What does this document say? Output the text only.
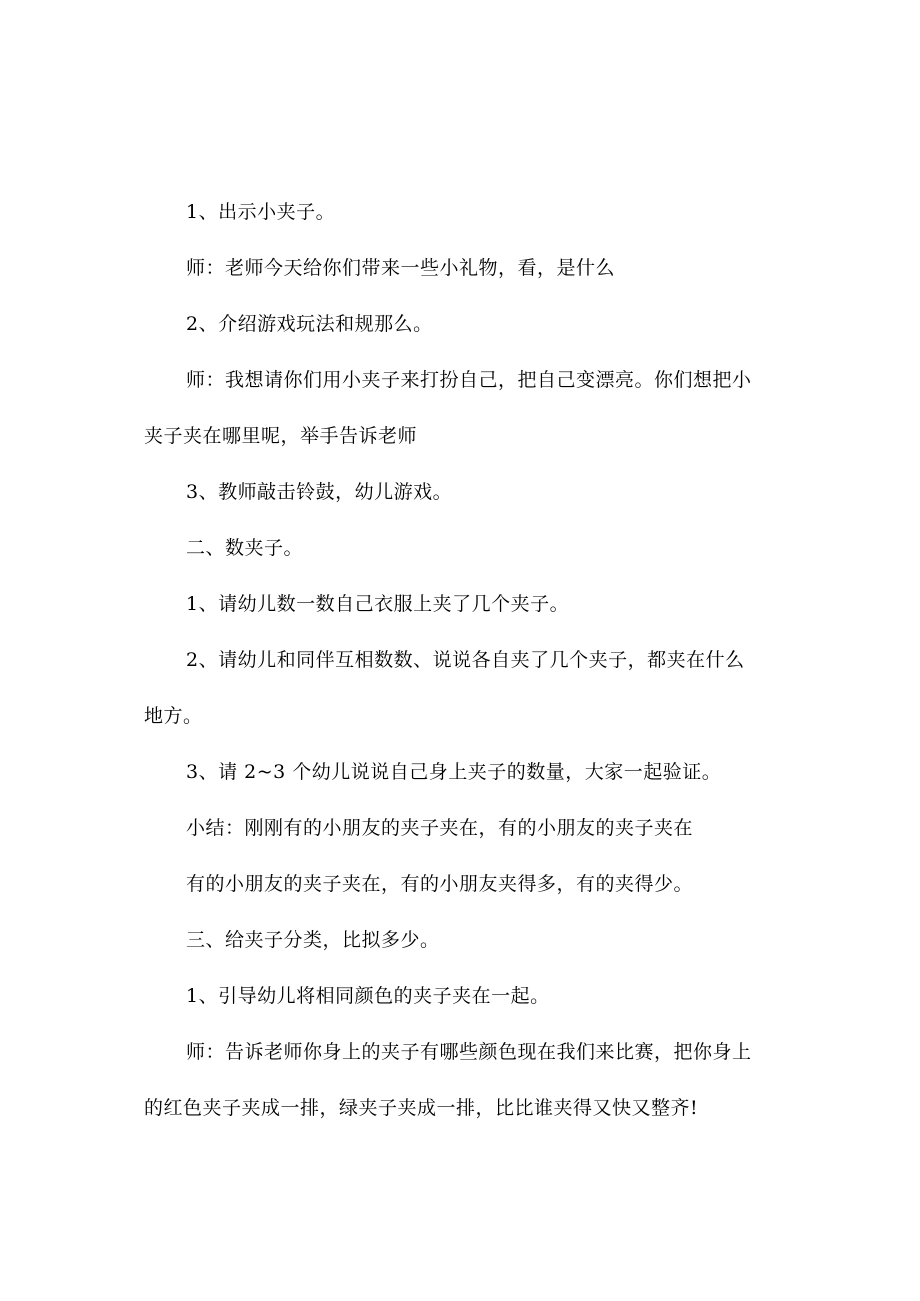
1、出示小夹子。
师：老师今天给你们带来一些小礼物，看，是什么
2、介绍游戏玩法和规那么。
师：我想请你们用小夹子来打扮自己，把自己变漂亮。你们想把小
夹子夹在哪里呢，举手告诉老师
3、教师敲击铃鼓，幼儿游戏。
二、数夹子。
1、请幼儿数一数自己衣服上夹了几个夹子。
2、请幼儿和同伴互相数数、说说各自夹了几个夹子，都夹在什么
地方。
3、请 2~3 个幼儿说说自己身上夹子的数量，大家一起验证。
小结：刚刚有的小朋友的夹子夹在，有的小朋友的夹子夹在
有的小朋友的夹子夹在，有的小朋友夹得多，有的夹得少。
三、给夹子分类，比拟多少。
1、引导幼儿将相同颜色的夹子夹在一起。
师：告诉老师你身上的夹子有哪些颜色现在我们来比赛，把你身上
的红色夹子夹成一排，绿夹子夹成一排，比比谁夹得又快又整齐!
